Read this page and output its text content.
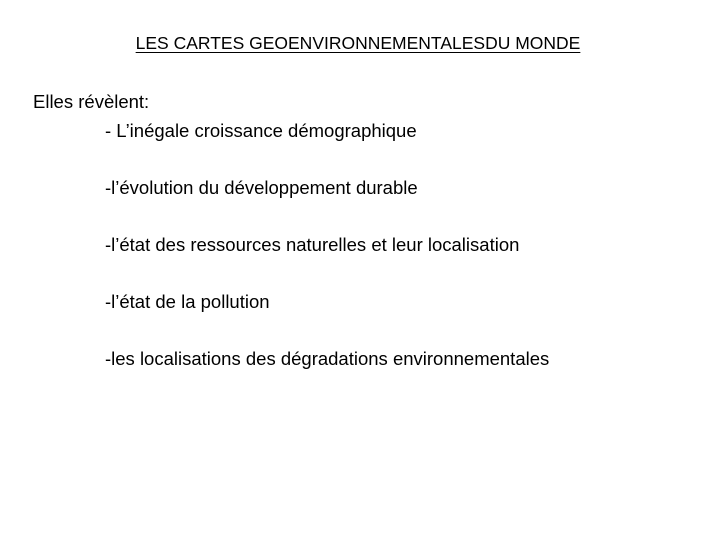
LES CARTES GEOENVIRONNEMENTALESDU MONDE
Elles révèlent:
- L’inégale croissance démographique
-l’évolution du développement durable
-l’état des ressources naturelles et leur localisation
-l’état de la pollution
-les localisations des dégradations environnementales
